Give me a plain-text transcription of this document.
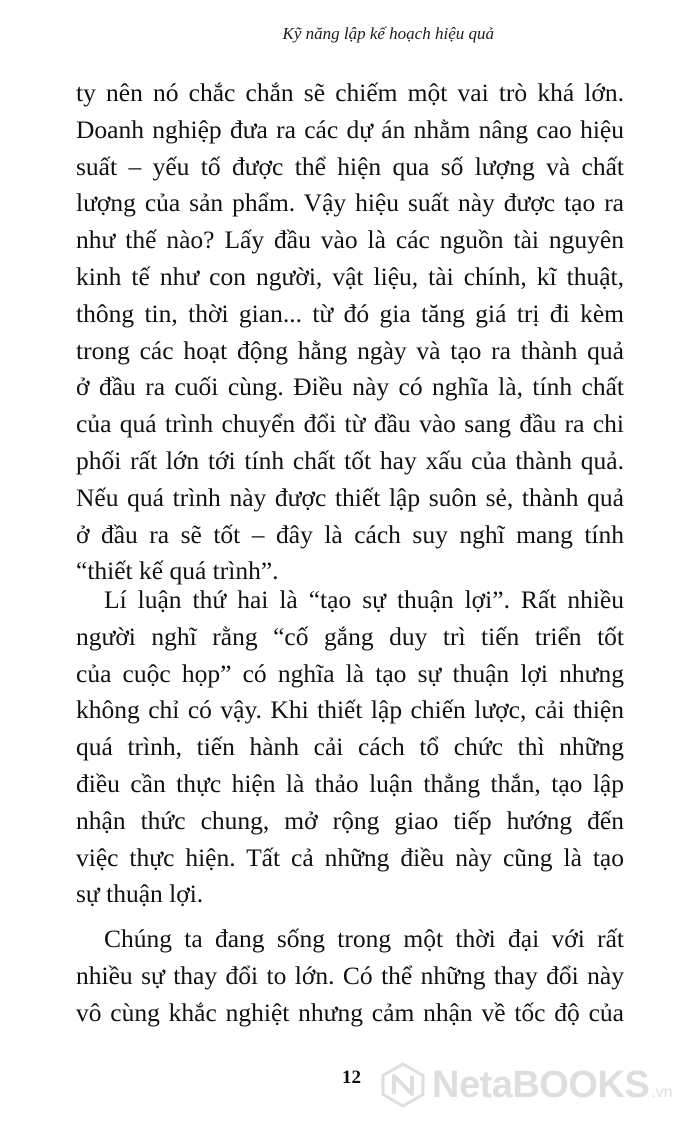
Kỹ năng lập kế hoạch hiệu quả
ty nên nó chắc chắn sẽ chiếm một vai trò khá lớn.
Doanh nghiệp đưa ra các dự án nhằm nâng cao hiệu
suất – yếu tố được thể hiện qua số lượng và chất
lượng của sản phẩm. Vậy hiệu suất này được tạo ra
như thế nào? Lấy đầu vào là các nguồn tài nguyên
kinh tế như con người, vật liệu, tài chính, kĩ thuật,
thông tin, thời gian... từ đó gia tăng giá trị đi kèm
trong các hoạt động hằng ngày và tạo ra thành quả
ở đầu ra cuối cùng. Điều này có nghĩa là, tính chất
của quá trình chuyển đổi từ đầu vào sang đầu ra chi
phối rất lớn tới tính chất tốt hay xấu của thành quả.
Nếu quá trình này được thiết lập suôn sẻ, thành quả
ở đầu ra sẽ tốt – đây là cách suy nghĩ mang tính
“thiết kế quá trình”.
Lí luận thứ hai là “tạo sự thuận lợi”. Rất nhiều
người nghĩ rằng “cố gắng duy trì tiến triển tốt
của cuộc họp” có nghĩa là tạo sự thuận lợi nhưng
không chỉ có vậy. Khi thiết lập chiến lược, cải thiện
quá trình, tiến hành cải cách tổ chức thì những
điều cần thực hiện là thảo luận thẳng thắn, tạo lập
nhận thức chung, mở rộng giao tiếp hướng đến
việc thực hiện. Tất cả những điều này cũng là tạo
sự thuận lợi.
Chúng ta đang sống trong một thời đại với rất
nhiều sự thay đổi to lớn. Có thể những thay đổi này
vô cùng khắc nghiệt nhưng cảm nhận về tốc độ của
12 NetaBOOKS .vn
